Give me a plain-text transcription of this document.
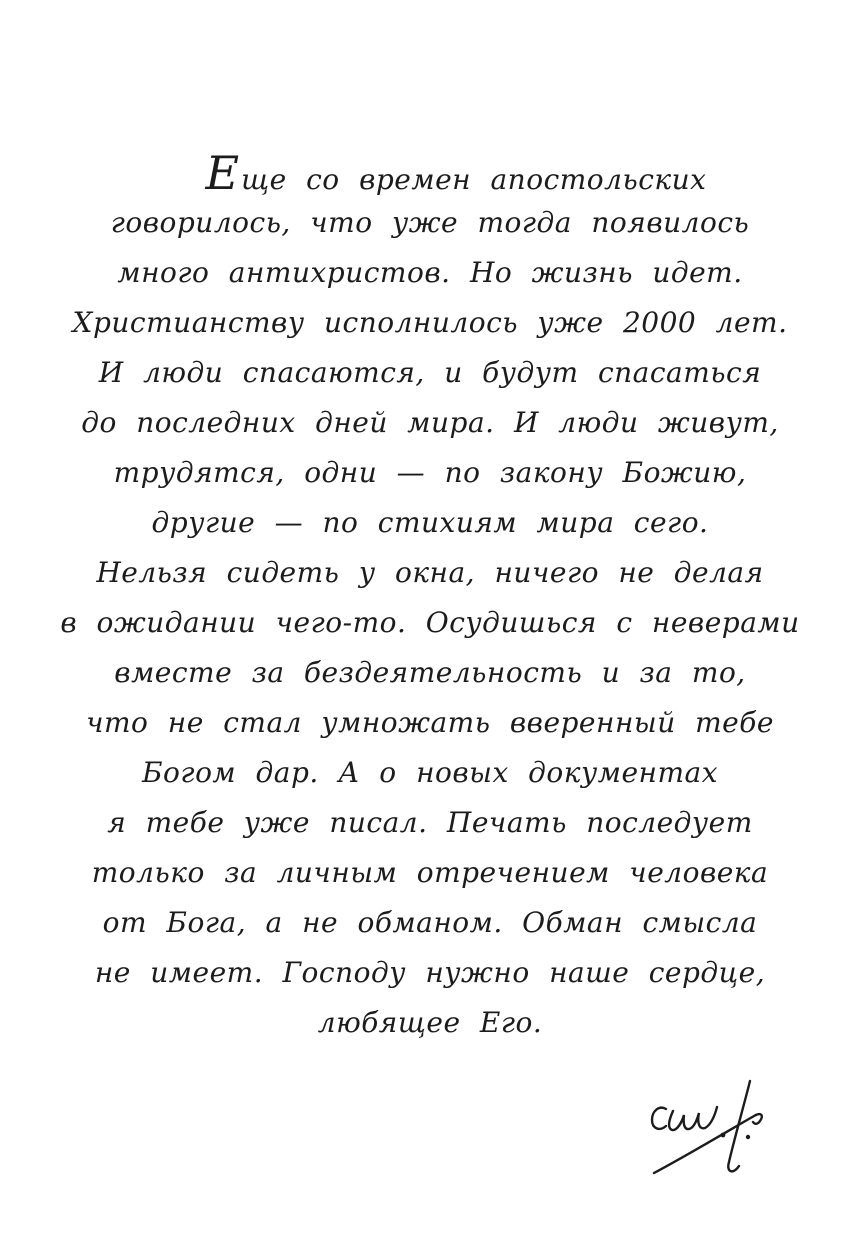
Еще со времен апостольских
говорилось, что уже тогда появилось
много антихристов. Но жизнь идет.
Христианству исполнилось уже 2000 лет.
И люди спасаются, и будут спасаться
до последних дней мира. И люди живут,
трудятся, одни — по закону Божию,
другие — по стихиям мира сего.
Нельзя сидеть у окна, ничего не делая
в ожидании чего-то. Осудишься с неверами
вместе за бездеятельность и за то,
что не стал умножать вверенный тебе
Богом дар. А о новых документах
я тебе уже писал. Печать последует
только за личным отречением человека
от Бога, а не обманом. Обман смысла
не имеет. Господу нужно наше сердце,
любящее Его.
